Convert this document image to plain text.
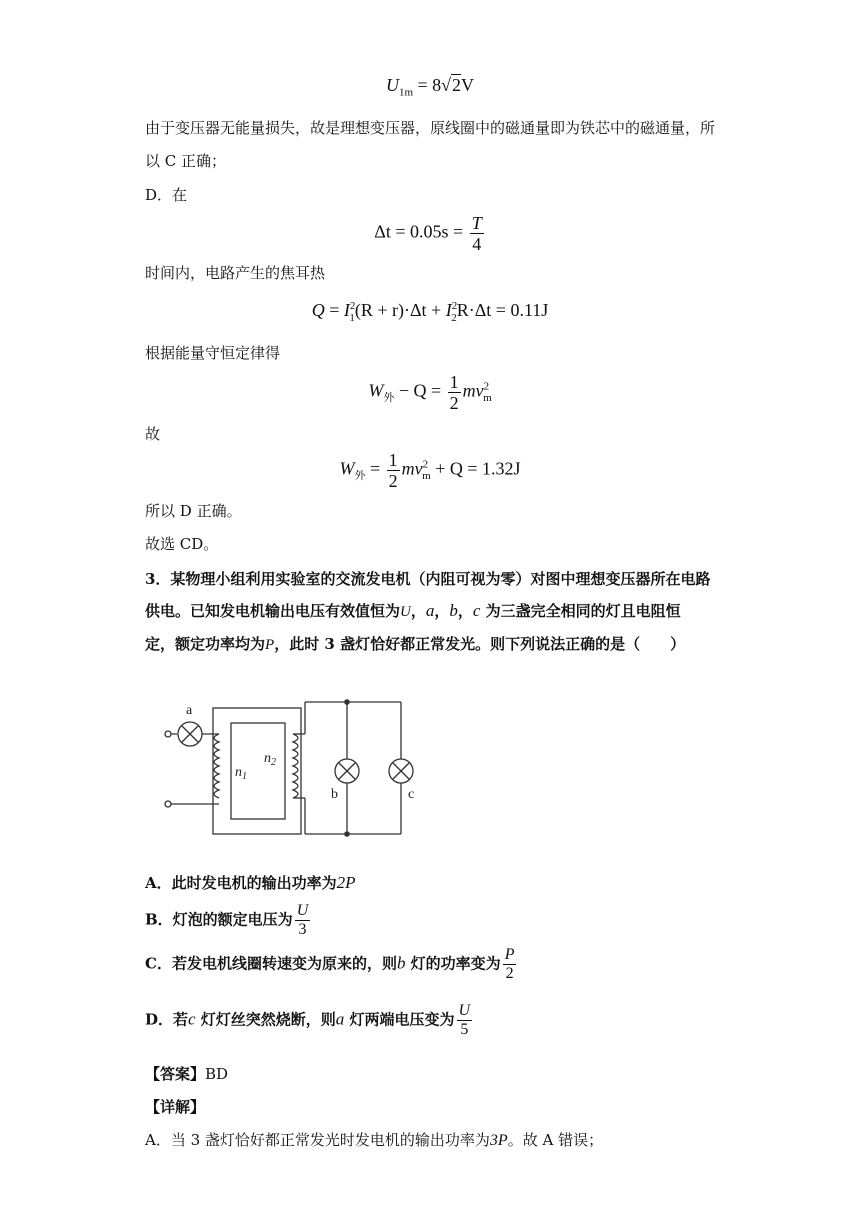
$U_{1m} = 8√2V$
由于变压器无能量损失，故是理想变压器，原线圈中的磁通量即为铁芯中的磁通量，所
以 C 正确；
D．在
$\Delta t = 0.05s = \frac{T}{4}$
时间内，电路产生的焦耳热
$Q = I^2_1(R + r)\cdot\Delta t + I^2_2R\cdot\Delta t = 0.11J$
根据能量守恒定律得
$W_外 - Q = \frac{1}{2} mv^2_m$
故
$W_外 = \frac{1}{2} mv^2_m + Q = 1.32J$
所以 D 正确。
故选 CD。
3．某物理小组利用实验室的交流发电机（内阻可视为零）对图中理想变压器所在电路
供电。已知发电机输出电压有效值恒为U，a，b，c 为三盏完全相同的灯且电阻恒
定，额定功率均为P，此时 3 盏灯恰好都正常发光。则下列说法正确的是（　　）
a
b	c
$n_1$
$n_2$
A．此时发电机的输出功率为2P
B．灯泡的额定电压为 $\frac{U}{3}$
C．若发电机线圈转速变为原来的，则b 灯的功率变为 $\frac{P}{2}$
D．若c 灯灯丝突然烧断，则a 灯两端电压变为 $\frac{U}{5}$
【答案】BD
【详解】
A．当 3 盏灯恰好都正常发光时发电机的输出功率为3P。故 A 错误；
